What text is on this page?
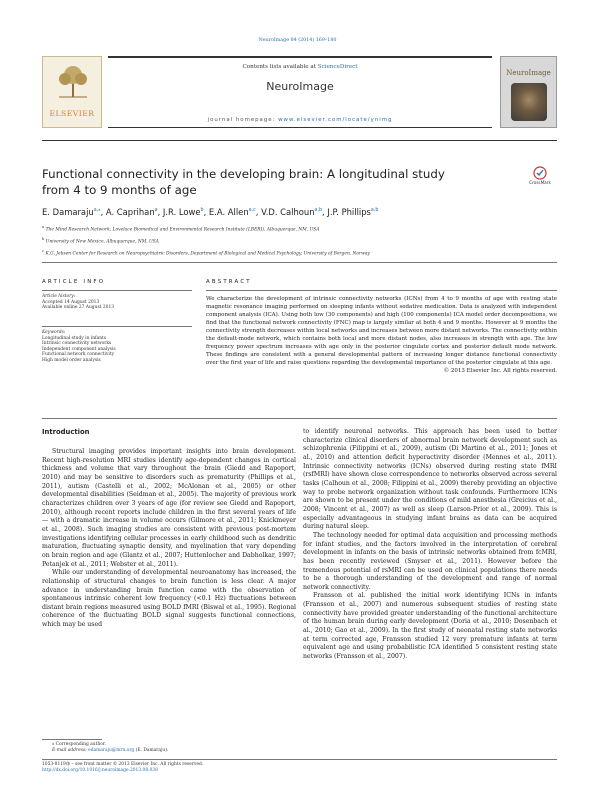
NeuroImage 84 (2014) 169–180
ELSEVIER
Contents lists available at ScienceDirect
NeuroImage
journal homepage: www.elsevier.com/locate/ynimg
NeuroImage
Functional connectivity in the developing brain: A longitudinal study from 4 to 9 months of age
CrossMark
E. Damaraju$^{a,⁎}$, A. Caprihan$^a$, J.R. Lowe$^b$, E.A. Allen$^{a,c}$, V.D. Calhoun$^{a,b}$, J.P. Phillips$^{a,b}$
$^a$ The Mind Research Network, Lovelace Biomedical and Environmental Research Institute (LBERI), Albuquerque, NM, USA
$^b$ University of New Mexico, Albuquerque, NM, USA
$^c$ K.G. Jebsen Center for Research on Neuropsychiatric Disorders, Department of Biological and Medical Psychology, University of Bergen, Norway
ARTICLE INFO
Article history:
Accepted 14 August 2013
Available online 27 August 2013
Keywords:
Longitudinal study in infants
Intrinsic connectivity networks
Independent component analysis
Functional network connectivity
High model order analysis
ABSTRACT
We characterize the development of intrinsic connectivity networks (ICNs) from 4 to 9 months of age with resting state magnetic resonance imaging performed on sleeping infants without sedative medication. Data is analyzed with independent component analysis (ICA). Using both low (30 components) and high (100 components) ICA model order decompositions, we find that the functional network connectivity (FNC) map is largely similar at both 4 and 9 months. However at 9 months the connectivity strength decreases within local networks and increases between more distant networks. The connectivity within the default-mode network, which contains both local and more distant nodes, also increases in strength with age. The low frequency power spectrum increases with age only in the posterior cingulate cortex and posterior default mode network. These findings are consistent with a general developmental pattern of increasing longer distance functional connectivity over the first year of life and raise questions regarding the developmental importance of the posterior cingulate at this age.
© 2013 Elsevier Inc. All rights reserved.
Introduction

Structural imaging provides important insights into brain development. Recent high-resolution MRI studies identify age-dependent changes in cortical thickness and volume that vary throughout the brain (Giedd and Rapoport, 2010) and may be sensitive to disorders such as prematurity (Phillips et al., 2011), autism (Castelli et al., 2002; McAlonan et al., 2005) or other developmental disabilities (Seidman et al., 2005). The majority of previous work characterizes children over 3 years of age (for review see Giedd and Rapoport, 2010), although recent reports include children in the first several years of life — with a dramatic increase in volume occurs (Gilmore et al., 2011; Knickmeyer et al., 2008). Such imaging studies are consistent with previous post-mortem investigations identifying cellular processes in early childhood such as dendritic maturation, fluctuating synaptic density, and myelination that vary depending on brain region and age (Glantz et al., 2007; Huttenlocher and Dabholkar, 1997; Petanjek et al., 2011; Webster et al., 2011).

While our understanding of developmental neuroanatomy has increased, the relationship of structural changes to brain function is less clear. A major advance in understanding brain function came with the observation of spontaneous intrinsic coherent low frequency (<0.1 Hz) fluctuations between distant brain regions measured using BOLD fMRI (Biswal et al., 1995). Regional coherence of the fluctuating BOLD signal suggests functional connections, which may be used

to identify neuronal networks. This approach has been used to better characterize clinical disorders of abnormal brain network development such as schizophrenia (Filippini et al., 2009), autism (Di Martino et al., 2011; Jones et al., 2010) and attention deficit hyperactivity disorder (Mennes et al., 2011). Intrinsic connectivity networks (ICNs) observed during resting state fMRI (rsfMRI) have shown close correspondence to networks observed across several tasks (Calhoun et al., 2008; Filippini et al., 2009) thereby providing an objective way to probe network organization without task confounds. Furthermore ICNs are shown to be present under the conditions of mild anesthesia (Greicius et al., 2008; Vincent et al., 2007) as well as sleep (Larson-Prior et al., 2009). This is especially advantageous in studying infant brains as data can be acquired during natural sleep.

The technology needed for optimal data acquisition and processing methods for infant studies, and the factors involved in the interpretation of cerebral development in infants on the basis of intrinsic networks obtained from fcMRI, has been recently reviewed (Smyser et al., 2011). However before the tremendous potential of rsMRI can be used on clinical populations there needs to be a thorough understanding of the development and range of normal network connectivity.

Fransson et al. published the initial work identifying ICNs in infants (Fransson et al., 2007) and numerous subsequent studies of resting state connectivity have provided greater understanding of the functional architecture of the human brain during early development (Doria et al., 2010; Dosenbach et al., 2010; Gao et al., 2009). In the first study of neonatal resting state networks at term corrected age, Fransson studied 12 very premature infants at term equivalent age and using probabilistic ICA identified 5 consistent resting state networks (Fransson et al., 2007).

⁎ Corresponding author.
E-mail address: edamaraju@mrn.org (E. Damaraju).
1053-8119/$ – see front matter © 2013 Elsevier Inc. All rights reserved.
http://dx.doi.org/10.1016/j.neuroimage.2013.08.038
